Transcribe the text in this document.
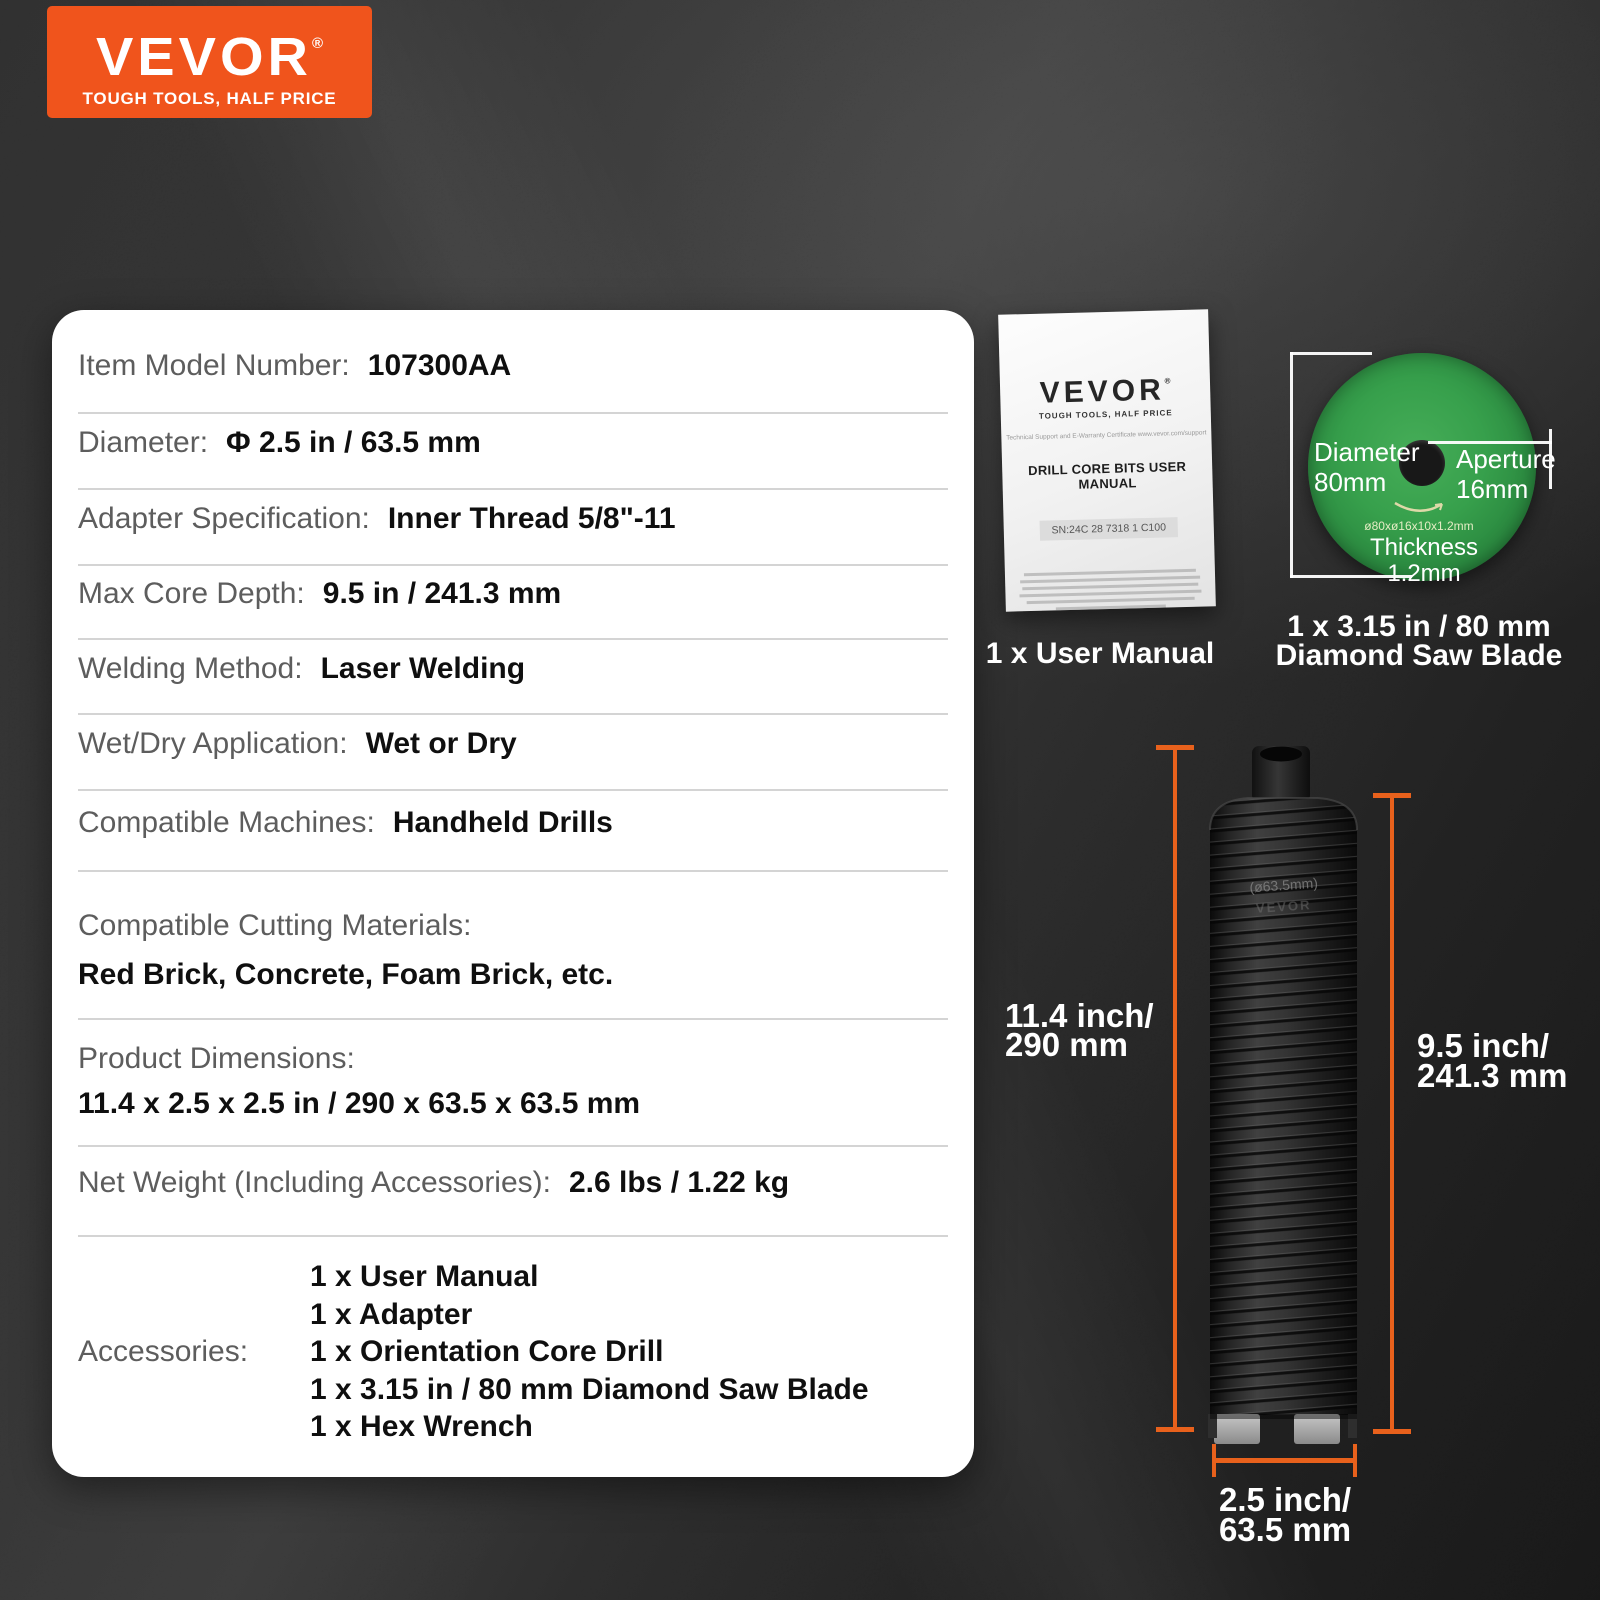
VEVOR®
TOUGH TOOLS, HALF PRICE
Item Model Number: 107300AA
Diameter: Φ 2.5 in / 63.5 mm
Adapter Specification: Inner Thread 5/8"-11
Max Core Depth: 9.5 in / 241.3 mm
Welding Method: Laser Welding
Wet/Dry Application: Wet or Dry
Compatible Machines: Handheld Drills
Compatible Cutting Materials:
Red Brick, Concrete, Foam Brick, etc.
Product Dimensions:
11.4 x 2.5 x 2.5 in / 290 x 63.5 x 63.5 mm
Net Weight (Including Accessories): 2.6 lbs / 1.22 kg
Accessories:
1 x User Manual
1 x Adapter
1 x Orientation Core Drill
1 x 3.15 in / 80 mm Diamond Saw Blade
1 x Hex Wrench
VEVOR®
TOUGH TOOLS, HALF PRICE
Technical Support and E-Warranty Certificate www.vevor.com/support
DRILL CORE BITS USER MANUAL
SN:24C 28 7318 1 C100
1 x User Manual
Diameter
80mm
Aperture
16mm
ø80xø16x10x1.2mm
Thickness
1.2mm
1 x 3.15 in / 80 mm
Diamond Saw Blade
(ø63.5mm)
VEVOR
11.4 inch/
290 mm	9.5 inch/
241.3 mm
2.5 inch/
63.5 mm
